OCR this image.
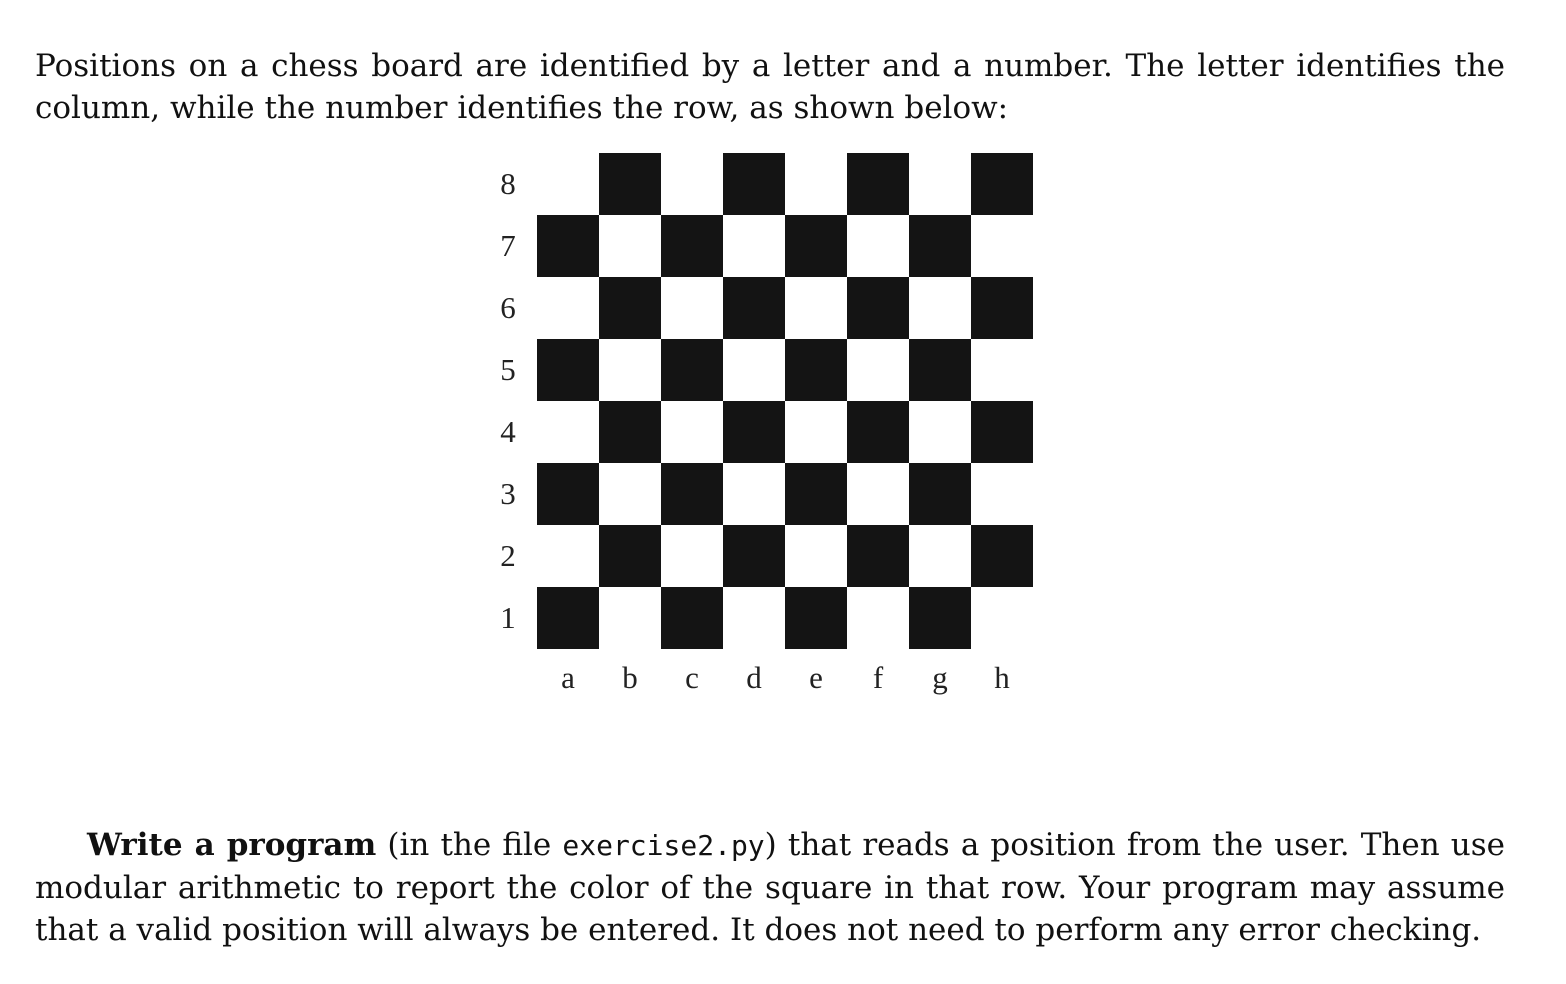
Positions on a chess board are identified by a letter and a number. The letter identifies the column, while the number identifies the row, as shown below:

8
7
6
5
4
3
2
1
a	b	c	d	e	f	g	h

Write a program (in the file exercise2.py) that reads a position from the user. Then use modular arithmetic to report the color of the square in that row. Your program may assume that a valid position will always be entered. It does not need to perform any error checking.
